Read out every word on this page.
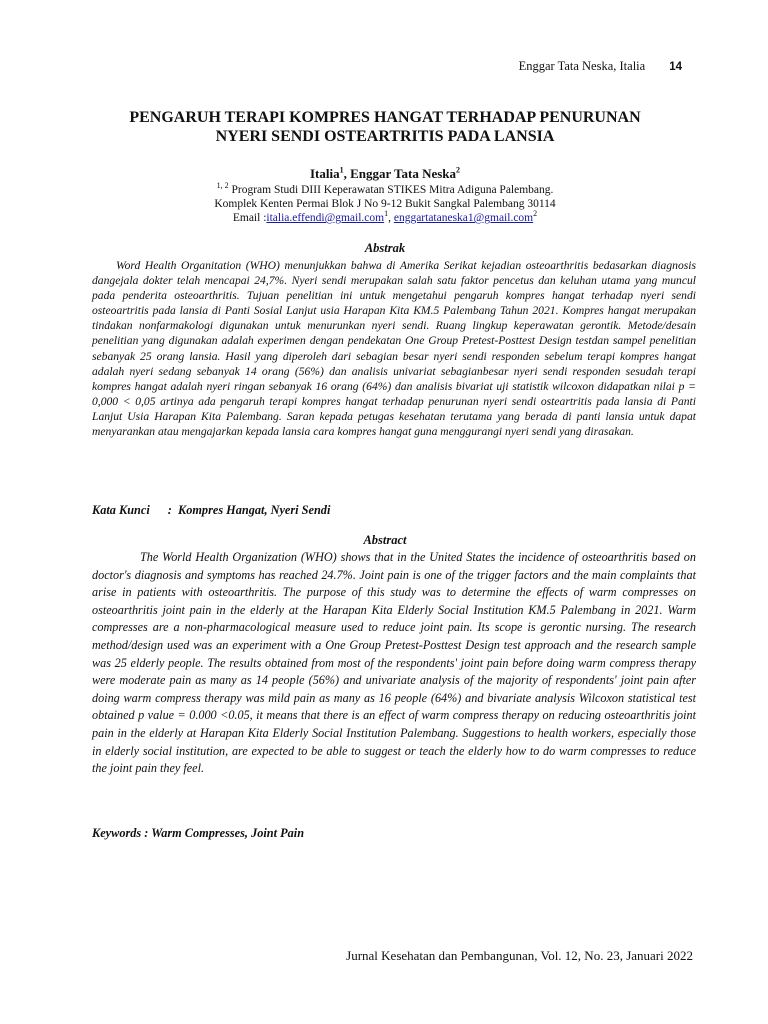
Enggar Tata Neska, Italia 14
PENGARUH TERAPI KOMPRES HANGAT TERHADAP PENURUNAN
NYERI SENDI OSTEARTRITIS PADA LANSIA
Italia$^1$, Enggar Tata Neska$^2$
$^{1, 2}$ Program Studi DIII Keperawatan STIKES Mitra Adiguna Palembang.
Komplek Kenten Permai Blok J No 9-12 Bukit Sangkal Palembang 30114
Email :italia.effendi@gmail.com$^1$, enggartataneska1@gmail.com$^2$
Abstrak

Word Health Organitation (WHO) menunjukkan bahwa di Amerika Serikat kejadian osteoarthritis bedasarkan diagnosis dangejala dokter telah mencapai 24,7%. Nyeri sendi merupakan salah satu faktor pencetus dan keluhan utama yang muncul pada penderita osteoarthritis. Tujuan penelitian ini untuk mengetahui pengaruh kompres hangat terhadap nyeri sendi osteoartritis pada lansia di Panti Sosial Lanjut usia Harapan Kita KM.5 Palembang Tahun 2021. Kompres hangat merupakan tindakan nonfarmakologi digunakan untuk menurunkan nyeri sendi. Ruang lingkup keperawatan gerontik. Metode/desain penelitian yang digunakan adalah experimen dengan pendekatan One Group Pretest-Posttest Design testdan sampel penelitian sebanyak 25 orang lansia. Hasil yang diperoleh dari sebagian besar nyeri sendi responden sebelum terapi kompres hangat adalah nyeri sedang sebanyak 14 orang (56%) dan analisis univariat sebagianbesar nyeri sendi responden sesudah terapi kompres hangat adalah nyeri ringan sebanyak 16 orang (64%) dan analisis bivariat uji statistik wilcoxon didapatkan nilai p = 0,000 < 0,05 artinya ada pengaruh terapi kompres hangat terhadap penurunan nyeri sendi osteartritis pada lansia di Panti Lanjut Usia Harapan Kita Palembang. Saran kepada petugas kesehatan terutama yang berada di panti lansia untuk dapat menyarankan atau mengajarkan kepada lansia cara kompres hangat guna menggurangi nyeri sendi yang dirasakan.

Kata Kunci : Kompres Hangat, Nyeri Sendi
Abstract

The World Health Organization (WHO) shows that in the United States the incidence of osteoarthritis based on doctor's diagnosis and symptoms has reached 24.7%. Joint pain is one of the trigger factors and the main complaints that arise in patients with osteoarthritis. The purpose of this study was to determine the effects of warm compresses on osteoarthritis joint pain in the elderly at the Harapan Kita Elderly Social Institution KM.5 Palembang in 2021. Warm compresses are a non-pharmacological measure used to reduce joint pain. Its scope is gerontic nursing. The research method/design used was an experiment with a One Group Pretest-Posttest Design test approach and the research sample was 25 elderly people. The results obtained from most of the respondents' joint pain before doing warm compress therapy were moderate pain as many as 14 people (56%) and univariate analysis of the majority of respondents' joint pain after doing warm compress therapy was mild pain as many as 16 people (64%) and bivariate analysis Wilcoxon statistical test obtained p value = 0.000 <0.05, it means that there is an effect of warm compress therapy on reducing osteoarthritis joint pain in the elderly at Harapan Kita Elderly Social Institution Palembang. Suggestions to health workers, especially those in elderly social institution, are expected to be able to suggest or teach the elderly how to do warm compresses to reduce the joint pain they feel.

Keywords : Warm Compresses, Joint Pain
Jurnal Kesehatan dan Pembangunan, Vol. 12, No. 23, Januari 2022
